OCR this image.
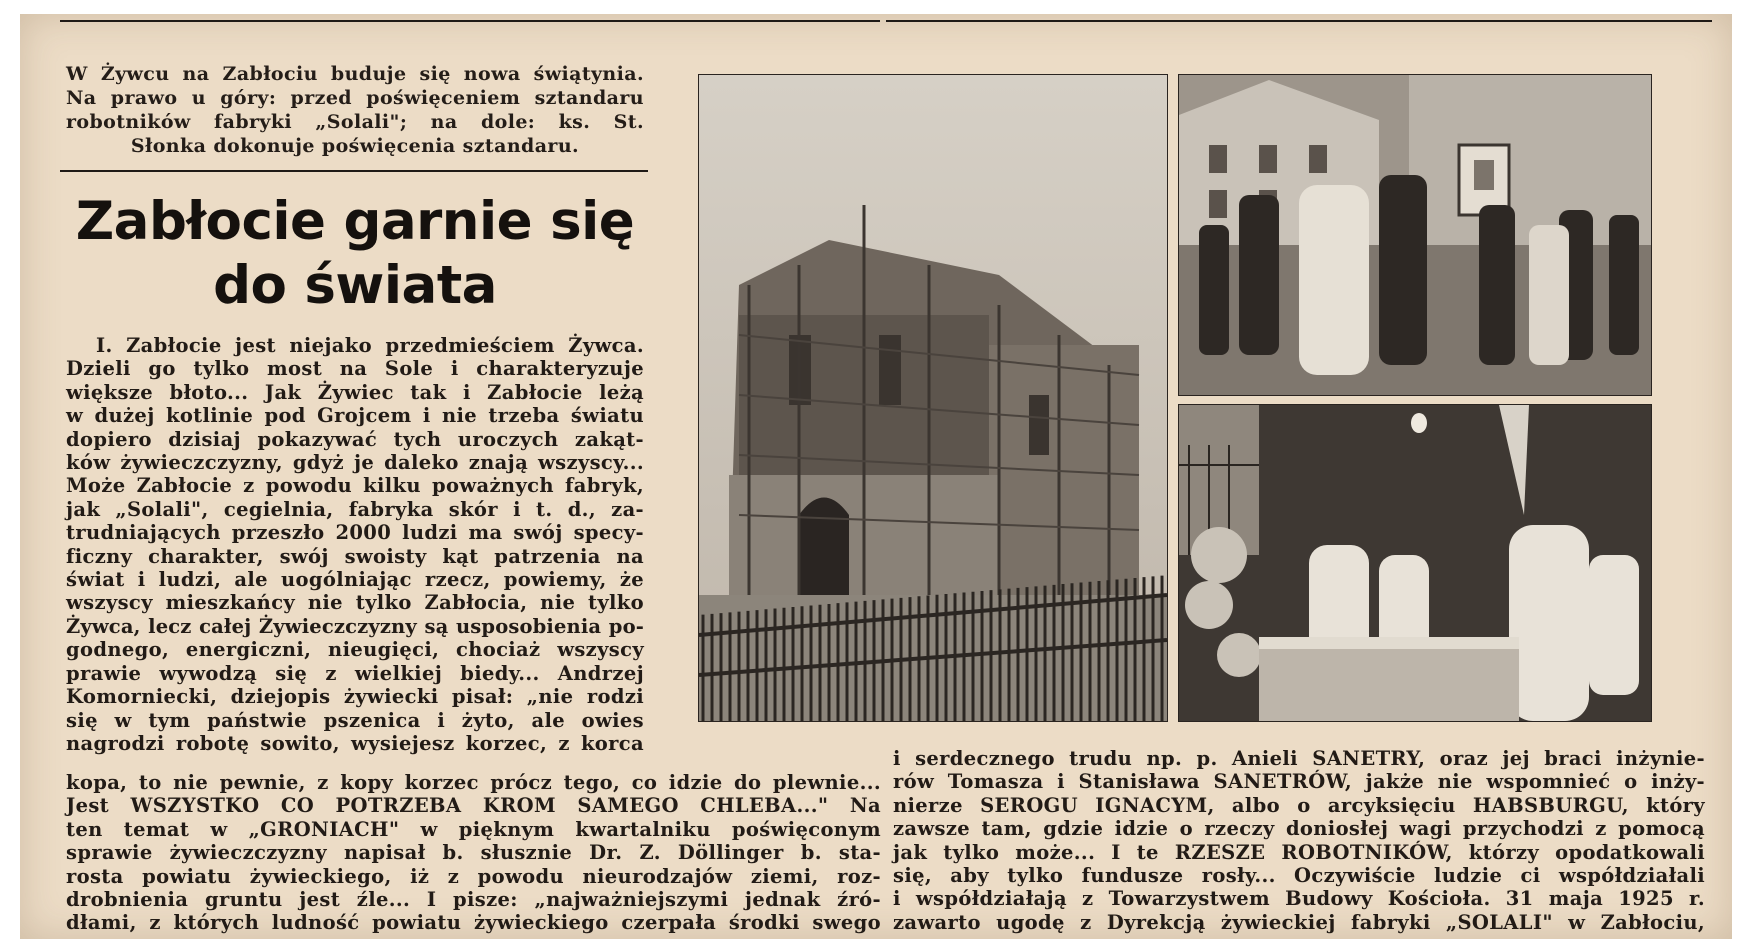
W Żywcu na Zabłociu buduje się nowa świątynia.
Na prawo u góry: przed poświęceniem sztandaru
robotników fabryki „Solali"; na dole: ks. St.
Słonka dokonuje poświęcenia sztandaru.
Zabłocie garnie się
do świata
I. Zabłocie jest niejako przedmieściem Żywca.
Dzieli go tylko most na Sole i charakteryzuje
większe błoto... Jak Żywiec tak i Zabłocie leżą
w dużej kotlinie pod Grojcem i nie trzeba światu
dopiero dzisiaj pokazywać tych uroczych zakąt-
ków żywieczczyzny, gdyż je daleko znają wszyscy...
Może Zabłocie z powodu kilku poważnych fabryk,
jak „Solali", cegielnia, fabryka skór i t. d., za-
trudniających przeszło 2000 ludzi ma swój specy-
ficzny charakter, swój swoisty kąt patrzenia na
świat i ludzi, ale uogólniając rzecz, powiemy, że
wszyscy mieszkańcy nie tylko Zabłocia, nie tylko
Żywca, lecz całej Żywieczczyzny są usposobienia po-
godnego, energiczni, nieugięci, chociaż wszyscy
prawie wywodzą się z wielkiej biedy... Andrzej
Komorniecki, dziejopis żywiecki pisał: „nie rodzi
się w tym państwie pszenica i żyto, ale owies
nagrodzi robotę sowito, wysiejesz korzec, z korca
kopa, to nie pewnie, z kopy korzec prócz tego, co idzie do plewnie...
Jest WSZYSTKO CO POTRZEBA KROM SAMEGO CHLEBA..." Na
ten temat w „GRONIACH" w pięknym kwartalniku poświęconym
sprawie żywieczczyzny napisał b. słusznie Dr. Z. Döllinger b. sta-
rosta powiatu żywieckiego, iż z powodu nieurodzajów ziemi, roz-
drobnienia gruntu jest źle... I pisze: „najważniejszymi jednak źró-
dłami, z których ludność powiatu żywieckiego czerpała środki swego
i serdecznego trudu np. p. Anieli SANETRY, oraz jej braci inżynie-
rów Tomasza i Stanisława SANETRÓW, jakże nie wspomnieć o inży-
nierze SEROGU IGNACYM, albo o arcyksięciu HABSBURGU, który
zawsze tam, gdzie idzie o rzeczy doniosłej wagi przychodzi z pomocą
jak tylko może... I te RZESZE ROBOTNIKÓW, którzy opodatkowali
się, aby tylko fundusze rosły... Oczywiście ludzie ci współdziałali
i współdziałają z Towarzystwem Budowy Kościoła. 31 maja 1925 r.
zawarto ugodę z Dyrekcją żywieckiej fabryki „SOLALI" w Zabłociu,
